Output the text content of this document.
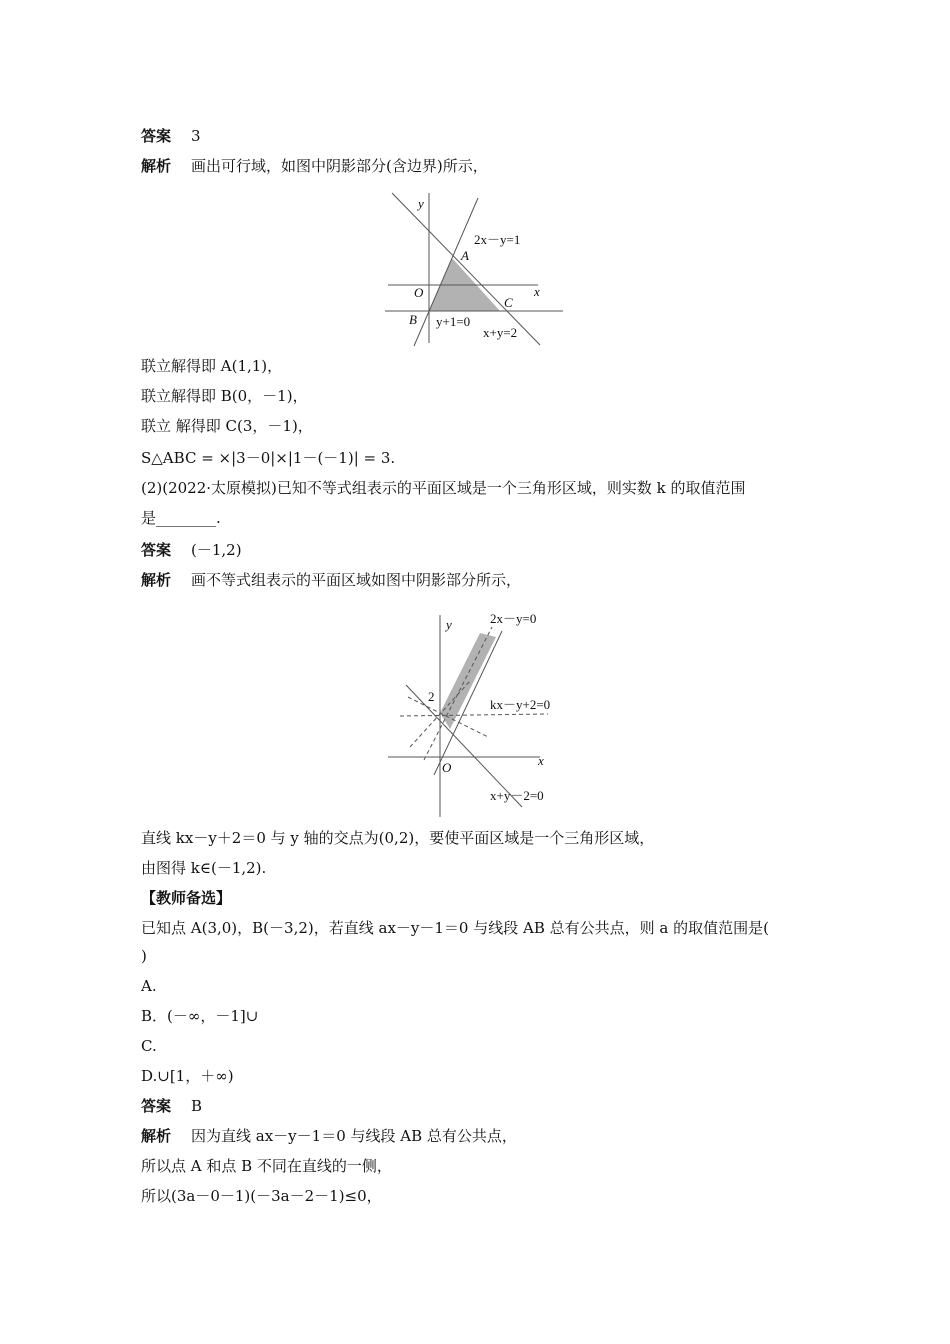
答案 3
解析 画出可行域，如图中阴影部分(含边界)所示，
y
x
O
A
B
C
2x－y=1
y+1=0
x+y=2
联立解得即 A(1,1)，
联立解得即 B(0，－1)，
联立 解得即 C(3，－1)，
S△ABC = ×|3－0|×|1－(－1)| = 3.
(2)(2022·太原模拟)已知不等式组表示的平面区域是一个三角形区域，则实数 k 的取值范围
是________.
答案 (－1,2)
解析 画不等式组表示的平面区域如图中阴影部分所示，
y
x
O
2
2x－y=0
kx－y+2=0
x+y－2=0
直线 kx－y＋2＝0 与 y 轴的交点为(0,2)，要使平面区域是一个三角形区域，
由图得 k∈(－1,2).
【教师备选】
已知点 A(3,0)，B(－3,2)，若直线 ax－y－1＝0 与线段 AB 总有公共点，则 a 的取值范围是(
)
A.
B．(－∞，－1]∪
C.
D.∪[1，＋∞)
答案 B
解析 因为直线 ax－y－1＝0 与线段 AB 总有公共点，
所以点 A 和点 B 不同在直线的一侧，
所以(3a－0－1)(－3a－2－1)≤0，
